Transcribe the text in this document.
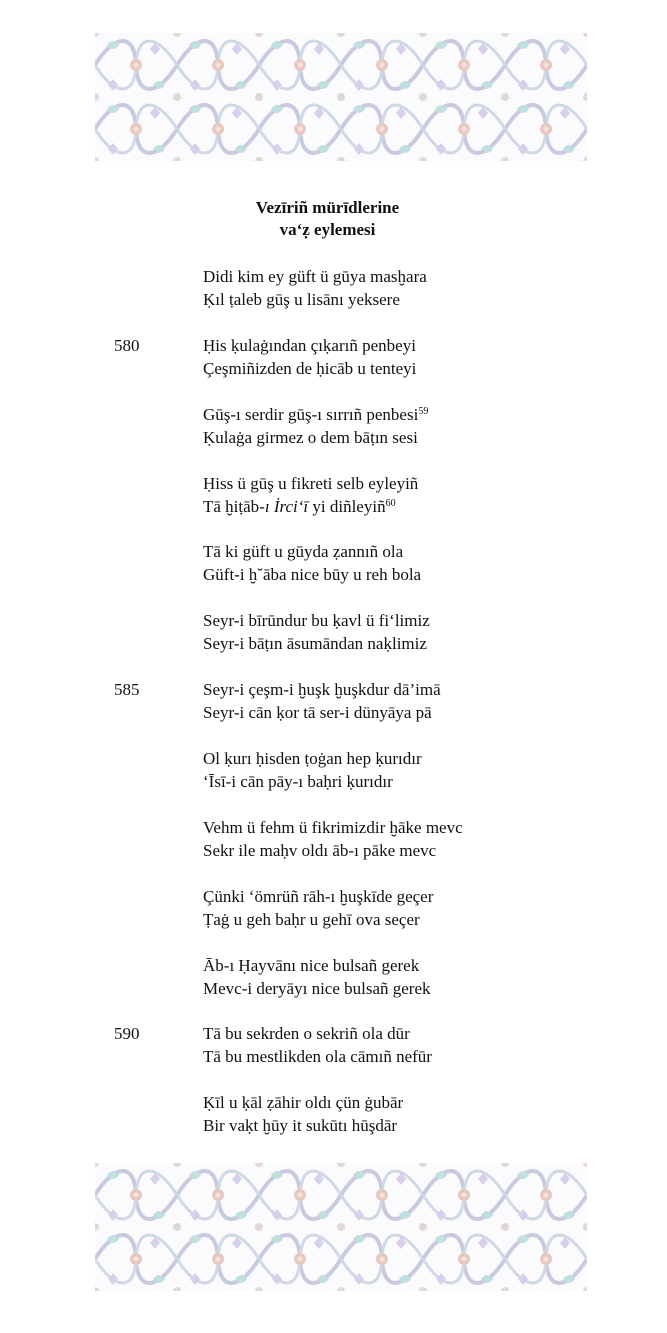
Vezīriñ mürīdlerine
va‘ẓ eylemesi
Didi kim ey güft ü gūya masḫara
Ḳıl ṭaleb gūş u lisānı yeksere
580	Ḥis ḳulaġından çıḳarıñ penbeyi
Çeşmiñizden de ḥicāb u tenteyi
Gūş-ı serdir gūş-ı sırrıñ penbesi$^{59}$
Ḳulaġa girmez o dem bāṭın sesi
Ḥiss ü gūş u fikreti selb eyleyiñ
Tā ḫiṭāb-ı İrci‘ī yi diñleyiñ$^{60}$
Tā ki güft u gūyda ẓannıñ ola
Güft-i ḫ˘āba nice būy u reh bola
Seyr-i bīrūndur bu ḳavl ü fi‘limiz
Seyr-i bāṭın āsumāndan naḳlimiz
585	Seyr-i çeşm-i ḫuşk ḫuşkdur dā’imā
Seyr-i cān ḳor tā ser-i dünyāya pā
Ol ḳurı ḥisden ṭoġan hep ḳurıdır
‘Īsī-i cān pāy-ı baḥri ḳurıdır
Vehm ü fehm ü fikrimizdir ḫāke mevc
Sekr ile maḥv oldı āb-ı pāke mevc
Çünki ‘ömrüñ rāh-ı ḫuşkīde geçer
Ṭaġ u geh baḥr u gehī ova seçer
Āb-ı Ḥayvānı nice bulsañ gerek
Mevc-i deryāyı nice bulsañ gerek
590	Tā bu sekrden o sekriñ ola dūr
Tā bu mestlikden ola cāmıñ nefūr
Ḳīl u ḳāl ẓāhir oldı çün ġubār
Bir vaḳt ḫūy it sukūtı hūşdār
